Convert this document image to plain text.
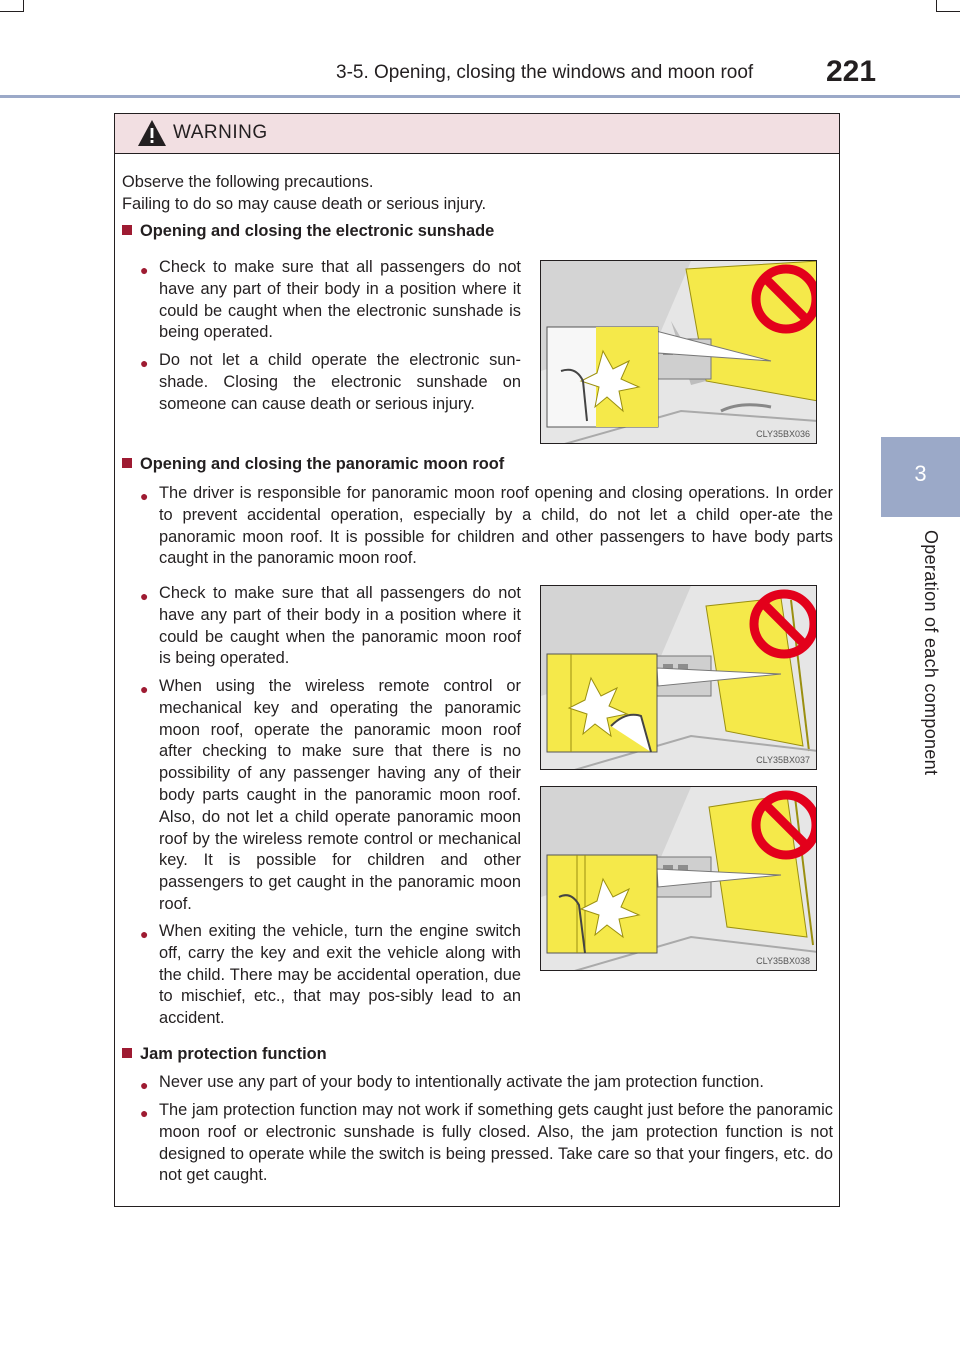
3-5. Opening, closing the windows and moon roof 221
3
Operation of each component
WARNING
Observe the following precautions.
Failing to do so may cause death or serious injury.
Opening and closing the electronic sunshade
● Check to make sure that all passengers do not have any part of their body in a position where it could be caught when the electronic sunshade is being operated.
● Do not let a child operate the electronic sun-shade. Closing the electronic sunshade on someone can cause death or serious injury.
CLY35BX036
Opening and closing the panoramic moon roof
● The driver is responsible for panoramic moon roof opening and closing operations. In order to prevent accidental operation, especially by a child, do not let a child oper-ate the panoramic moon roof. It is possible for children and other passengers to have body parts caught in the panoramic moon roof.
● Check to make sure that all passengers do not have any part of their body in a position where it could be caught when the panoramic moon roof is being operated.
● When using the wireless remote control or mechanical key and operating the panoramic moon roof, operate the panoramic moon roof after checking to make sure that there is no possibility of any passenger having any of their body parts caught in the panoramic moon roof. Also, do not let a child operate panoramic moon roof by the wireless remote control or mechanical key. It is possible for children and other passengers to get caught in the panoramic moon roof.
● When exiting the vehicle, turn the engine switch off, carry the key and exit the vehicle along with the child. There may be accidental operation, due to mischief, etc., that may pos-sibly lead to an accident.
CLY35BX037
CLY35BX038
Jam protection function
● Never use any part of your body to intentionally activate the jam protection function.
● The jam protection function may not work if something gets caught just before the panoramic moon roof or electronic sunshade is fully closed. Also, the jam protection function is not designed to operate while the switch is being pressed. Take care so that your fingers, etc. do not get caught.
